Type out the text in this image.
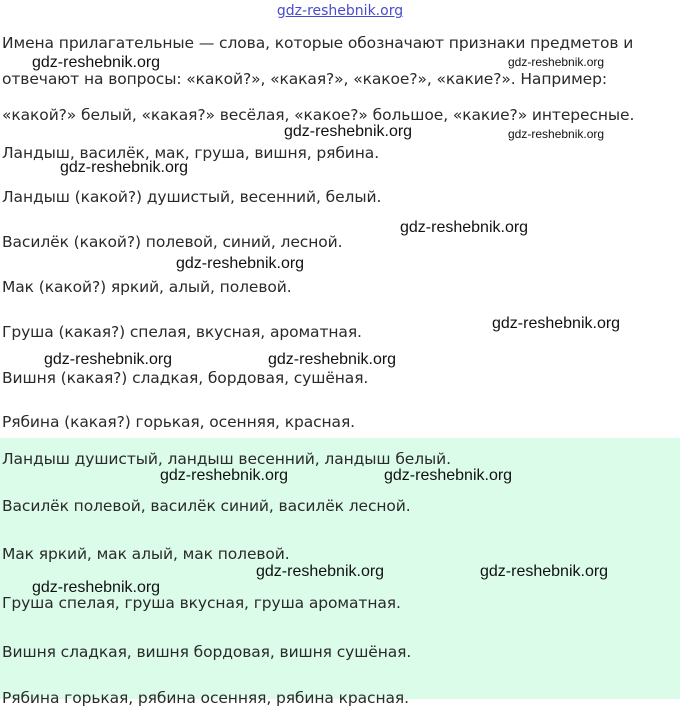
gdz-reshebnik.org
Имена прилагательные — слова, которые обозначают признаки предметов и
отвечают на вопросы: «какой?», «какая?», «какое?», «какие?». Например:
«какой?» белый, «какая?» весёлая, «какое?» большое, «какие?» интересные.
Ландыш, василёк, мак, груша, вишня, рябина.
Ландыш (какой?) душистый, весенний, белый.
Василёк (какой?) полевой, синий, лесной.
Мак (какой?) яркий, алый, полевой.
Груша (какая?) спелая, вкусная, ароматная.
Вишня (какая?) сладкая, бордовая, сушёная.
Рябина (какая?) горькая, осенняя, красная.
Ландыш душистый, ландыш весенний, ландыш белый.
Василёк полевой, василёк синий, василёк лесной.
Мак яркий, мак алый, мак полевой.
Груша спелая, груша вкусная, груша ароматная.
Вишня сладкая, вишня бордовая, вишня сушёная.
Рябина горькая, рябина осенняя, рябина красная.
gdz-reshebnik.org	gdz-reshebnik.org
gdz-reshebnik.org	gdz-reshebnik.org
gdz-reshebnik.org
gdz-reshebnik.org
gdz-reshebnik.org
gdz-reshebnik.org
gdz-reshebnik.org	gdz-reshebnik.org
gdz-reshebnik.org	gdz-reshebnik.org
gdz-reshebnik.org	gdz-reshebnik.org
gdz-reshebnik.org
